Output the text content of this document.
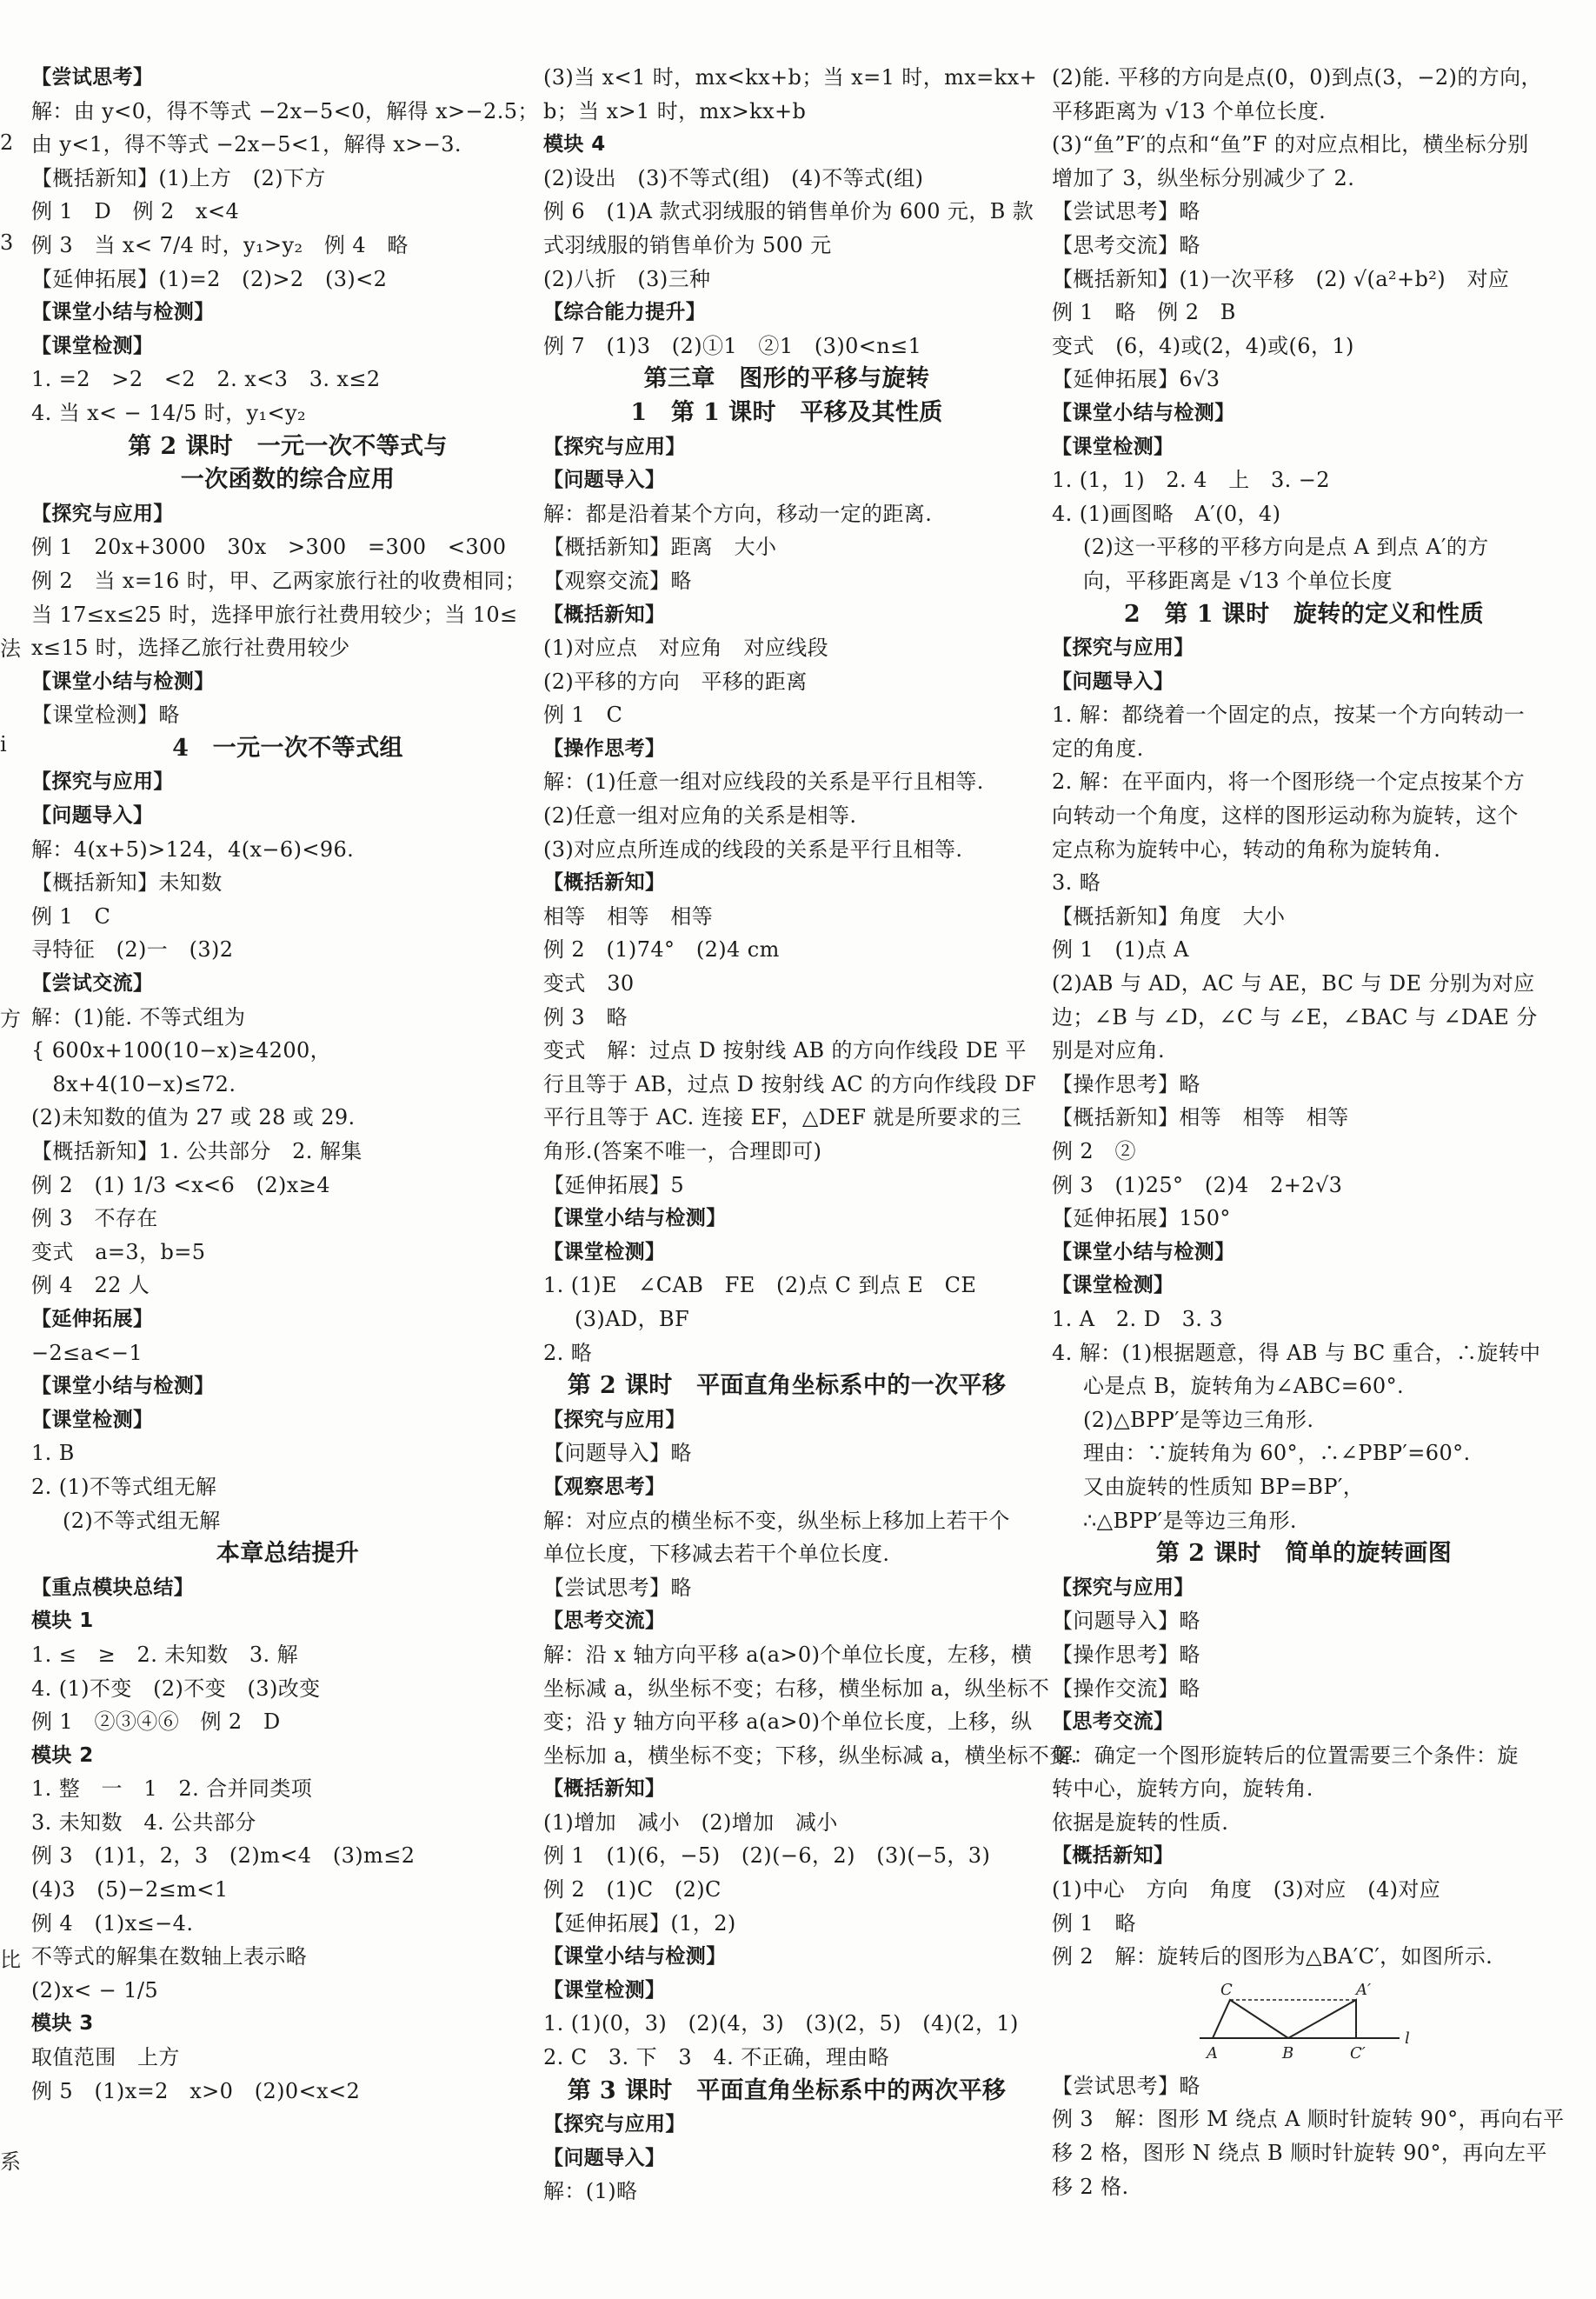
2
3
法
i
方
比
系
【尝试思考】
解：由 y<0，得不等式 −2x−5<0，解得 x>−2.5；
由 y<1，得不等式 −2x−5<1，解得 x>−3.
【概括新知】(1)上方　(2)下方
例 1　D　例 2　x<4
例 3　当 x< 7/4 时，y₁>y₂　例 4　略
【延伸拓展】(1)=2　(2)>2　(3)<2
【课堂小结与检测】
【课堂检测】
1. =2　>2　<2　2. x<3　3. x≤2
4. 当 x< − 14/5 时，y₁<y₂
第 2 课时　一元一次不等式与
一次函数的综合应用
【探究与应用】
例 1　20x+3000　30x　>300　=300　<300
例 2　当 x=16 时，甲、乙两家旅行社的收费相同；
当 17≤x≤25 时，选择甲旅行社费用较少；当 10≤
x≤15 时，选择乙旅行社费用较少
【课堂小结与检测】
【课堂检测】略
4　一元一次不等式组
【探究与应用】
【问题导入】
解：4(x+5)>124，4(x−6)<96.
【概括新知】未知数
例 1　C
寻特征　(2)一　(3)2
【尝试交流】
解：(1)能. 不等式组为
{ 600x+100(10−x)≥4200，
　8x+4(10−x)≤72.
(2)未知数的值为 27 或 28 或 29.
【概括新知】1. 公共部分　2. 解集
例 2　(1) 1/3 <x<6　(2)x≥4
例 3　不存在
变式　a=3，b=5
例 4　22 人
【延伸拓展】
−2≤a<−1
【课堂小结与检测】
【课堂检测】
1. B
2. (1)不等式组无解
(2)不等式组无解
本章总结提升
【重点模块总结】
模块 1
1. ≤　≥　2. 未知数　3. 解
4. (1)不变　(2)不变　(3)改变
例 1　②③④⑥　例 2　D
模块 2
1. 整　一　1　2. 合并同类项
3. 未知数　4. 公共部分
例 3　(1)1，2，3　(2)m<4　(3)m≤2
(4)3　(5)−2≤m<1
例 4　(1)x≤−4.
不等式的解集在数轴上表示略
(2)x< − 1/5
模块 3
取值范围　上方
例 5　(1)x=2　x>0　(2)0<x<2
(3)当 x<1 时，mx<kx+b；当 x=1 时，mx=kx+
b；当 x>1 时，mx>kx+b
模块 4
(2)设出　(3)不等式(组)　(4)不等式(组)
例 6　(1)A 款式羽绒服的销售单价为 600 元，B 款
式羽绒服的销售单价为 500 元
(2)八折　(3)三种
【综合能力提升】
例 7　(1)3　(2)①1　②1　(3)0<n≤1
第三章　图形的平移与旋转
1　第 1 课时　平移及其性质
【探究与应用】
【问题导入】
解：都是沿着某个方向，移动一定的距离.
【概括新知】距离　大小
【观察交流】略
【概括新知】
(1)对应点　对应角　对应线段
(2)平移的方向　平移的距离
例 1　C
【操作思考】
解：(1)任意一组对应线段的关系是平行且相等.
(2)任意一组对应角的关系是相等.
(3)对应点所连成的线段的关系是平行且相等.
【概括新知】
相等　相等　相等
例 2　(1)74°　(2)4 cm
变式　30
例 3　略
变式　解：过点 D 按射线 AB 的方向作线段 DE 平
行且等于 AB，过点 D 按射线 AC 的方向作线段 DF
平行且等于 AC. 连接 EF，△DEF 就是所要求的三
角形.(答案不唯一，合理即可)
【延伸拓展】5
【课堂小结与检测】
【课堂检测】
1. (1)E　∠CAB　FE　(2)点 C 到点 E　CE
(3)AD，BF
2. 略
第 2 课时　平面直角坐标系中的一次平移
【探究与应用】
【问题导入】略
【观察思考】
解：对应点的横坐标不变，纵坐标上移加上若干个
单位长度，下移减去若干个单位长度.
【尝试思考】略
【思考交流】
解：沿 x 轴方向平移 a(a>0)个单位长度，左移，横
坐标减 a，纵坐标不变；右移，横坐标加 a，纵坐标不
变；沿 y 轴方向平移 a(a>0)个单位长度，上移，纵
坐标加 a，横坐标不变；下移，纵坐标减 a，横坐标不变.
【概括新知】
(1)增加　减小　(2)增加　减小
例 1　(1)(6，−5)　(2)(−6，2)　(3)(−5，3)
例 2　(1)C　(2)C
【延伸拓展】(1，2)
【课堂小结与检测】
【课堂检测】
1. (1)(0，3)　(2)(4，3)　(3)(2，5)　(4)(2，1)
2. C　3. 下　3　4. 不正确，理由略
第 3 课时　平面直角坐标系中的两次平移
【探究与应用】
【问题导入】
解：(1)略
(2)能. 平移的方向是点(0，0)到点(3，−2)的方向，
平移距离为 √13 个单位长度.
(3)“鱼”F′的点和“鱼”F 的对应点相比，横坐标分别
增加了 3，纵坐标分别减少了 2.
【尝试思考】略
【思考交流】略
【概括新知】(1)一次平移　(2) √(a²+b²)　对应
例 1　略　例 2　B
变式　(6，4)或(2，4)或(6，1)
【延伸拓展】6√3
【课堂小结与检测】
【课堂检测】
1. (1，1)　2. 4　上　3. −2
4. (1)画图略　A′(0，4)
(2)这一平移的平移方向是点 A 到点 A′的方
向，平移距离是 √13 个单位长度
2　第 1 课时　旋转的定义和性质
【探究与应用】
【问题导入】
1. 解：都绕着一个固定的点，按某一个方向转动一
定的角度.
2. 解：在平面内，将一个图形绕一个定点按某个方
向转动一个角度，这样的图形运动称为旋转，这个
定点称为旋转中心，转动的角称为旋转角.
3. 略
【概括新知】角度　大小
例 1　(1)点 A
(2)AB 与 AD，AC 与 AE，BC 与 DE 分别为对应
边；∠B 与 ∠D，∠C 与 ∠E，∠BAC 与 ∠DAE 分
别是对应角.
【操作思考】略
【概括新知】相等　相等　相等
例 2　②
例 3　(1)25°　(2)4　2+2√3
【延伸拓展】150°
【课堂小结与检测】
【课堂检测】
1. A　2. D　3. 3
4. 解：(1)根据题意，得 AB 与 BC 重合，∴旋转中
心是点 B，旋转角为∠ABC=60°.
(2)△BPP′是等边三角形.
理由：∵旋转角为 60°，∴∠PBP′=60°.
又由旋转的性质知 BP=BP′，
∴△BPP′是等边三角形.
第 2 课时　简单的旋转画图
【探究与应用】
【问题导入】略
【操作思考】略
【操作交流】略
【思考交流】
解：确定一个图形旋转后的位置需要三个条件：旋
转中心，旋转方向，旋转角.
依据是旋转的性质.
【概括新知】
(1)中心　方向　角度　(3)对应　(4)对应
例 1　略
例 2　解：旋转后的图形为△BA′C′，如图所示.
C	A′
A	B	C′
l
【尝试思考】略
例 3　解：图形 M 绕点 A 顺时针旋转 90°，再向右平
移 2 格，图形 N 绕点 B 顺时针旋转 90°，再向左平
移 2 格.
